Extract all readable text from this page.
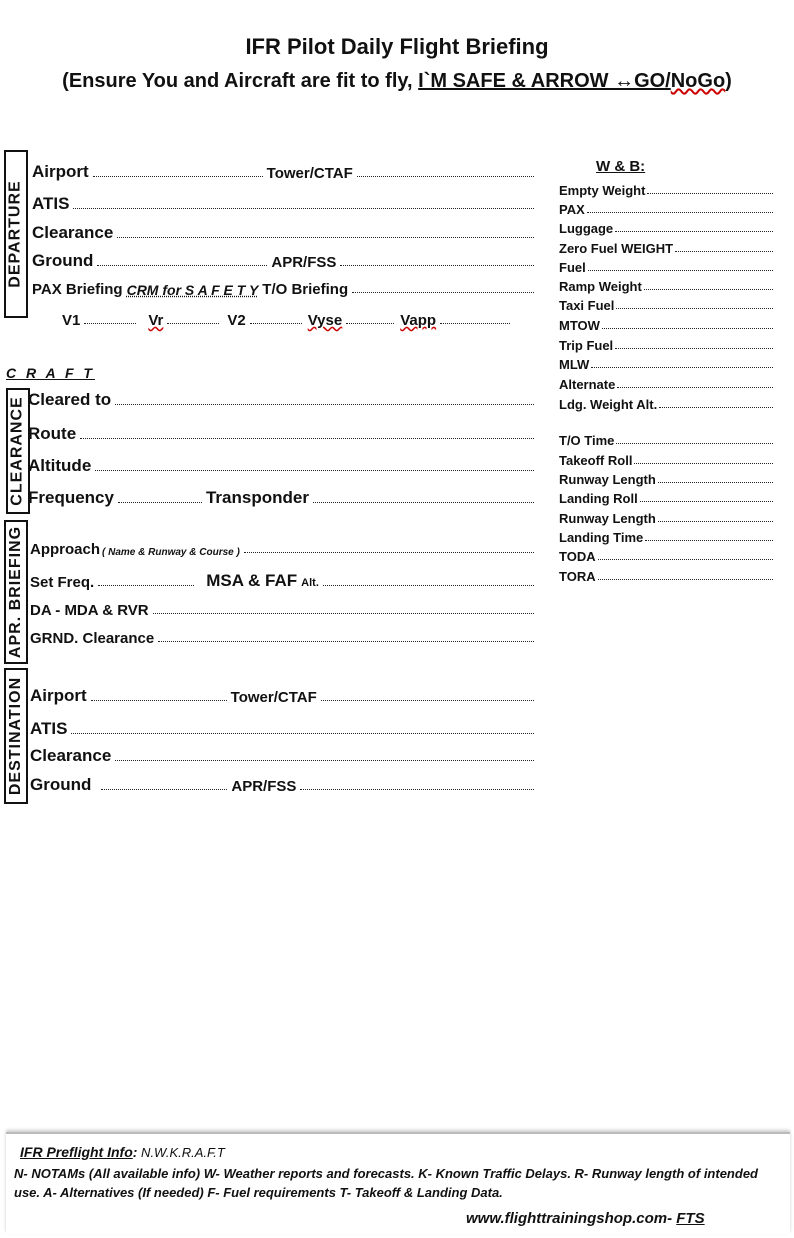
IFR Pilot Daily Flight Briefing
(Ensure You and Aircraft are fit to fly, I`M SAFE & ARROW ↔GO/NoGo)
DEPARTURE
Airport	Tower/CTAF
ATIS
Clearance
Ground	APR/FSS
PAX Briefing CRM for S A F E T Y T/O Briefing
V1	Vr	V2	Vyse	Vapp
C R A F T
CLEARANCE Cleared to
Route
Altitude
Frequency	Transponder
APR. BRIEFING Approach ( Name & Runway & Course )
Set Freq.	MSA & FAF Alt.
DA - MDA & RVR
GRND. Clearance
DESTINATION Airport	Tower/CTAF
ATIS
Clearance
Ground	APR/FSS
W & B:
Empty Weight
PAX
Luggage
Zero Fuel WEIGHT
Fuel
Ramp Weight
Taxi Fuel
MTOW
Trip Fuel
MLW
Alternate
Ldg. Weight Alt.
T/O Time
Takeoff Roll
Runway Length
Landing Roll
Runway Length
Landing Time
TODA
TORA
IFR Preflight Info: N.W.K.R.A.F.T
N- NOTAMs (All available info) W- Weather reports and forecasts. K- Known Traffic Delays. R- Runway length of intended use. A- Alternatives (If needed) F- Fuel requirements T- Takeoff & Landing Data.
www.flighttrainingshop.com- FTS
